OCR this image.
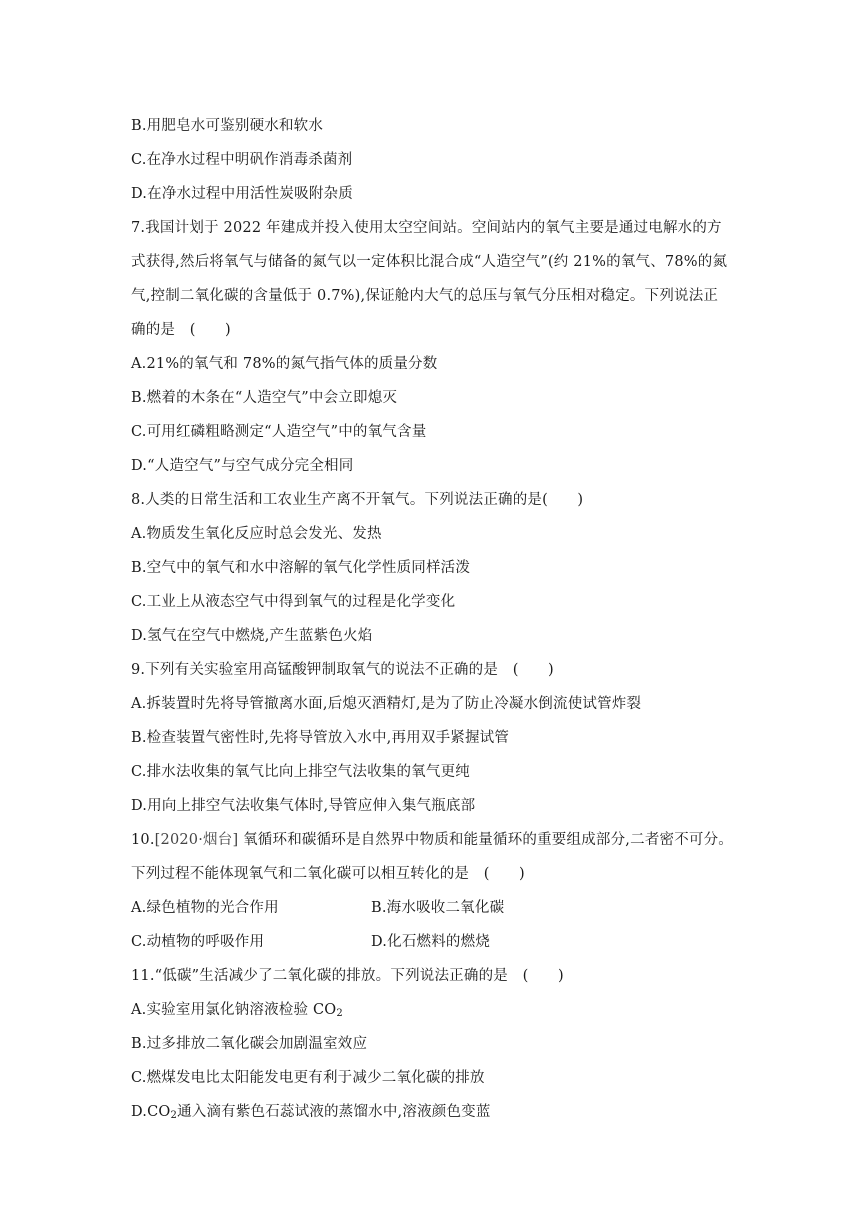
B.用肥皂水可鉴别硬水和软水
C.在净水过程中明矾作消毒杀菌剂
D.在净水过程中用活性炭吸附杂质
7.我国计划于 2022 年建成并投入使用太空空间站。空间站内的氧气主要是通过电解水的方
式获得,然后将氧气与储备的氮气以一定体积比混合成“人造空气”(约 21%的氧气、78%的氮
气,控制二氧化碳的含量低于 0.7%),保证舱内大气的总压与氧气分压相对稳定。下列说法正
确的是　(　　)
A.21%的氧气和 78%的氮气指气体的质量分数
B.燃着的木条在“人造空气”中会立即熄灭
C.可用红磷粗略测定“人造空气”中的氧气含量
D.“人造空气”与空气成分完全相同
8.人类的日常生活和工农业生产离不开氧气。下列说法正确的是(　　)
A.物质发生氧化反应时总会发光、发热
B.空气中的氧气和水中溶解的氧气化学性质同样活泼
C.工业上从液态空气中得到氧气的过程是化学变化
D.氢气在空气中燃烧,产生蓝紫色火焰
9.下列有关实验室用高锰酸钾制取氧气的说法不正确的是　(　　)
A.拆装置时先将导管撤离水面,后熄灭酒精灯,是为了防止冷凝水倒流使试管炸裂
B.检查装置气密性时,先将导管放入水中,再用双手紧握试管
C.排水法收集的氧气比向上排空气法收集的氧气更纯
D.用向上排空气法收集气体时,导管应伸入集气瓶底部
10.[2020·烟台] 氧循环和碳循环是自然界中物质和能量循环的重要组成部分,二者密不可分。
下列过程不能体现氧气和二氧化碳可以相互转化的是　(　　)
A.绿色植物的光合作用	B.海水吸收二氧化碳
C.动植物的呼吸作用	D.化石燃料的燃烧
11.“低碳”生活减少了二氧化碳的排放。下列说法正确的是　(　　)
A.实验室用氯化钠溶液检验 $CO_2$
B.过多排放二氧化碳会加剧温室效应
C.燃煤发电比太阳能发电更有利于减少二氧化碳的排放
$D.CO_2$通入滴有紫色石蕊试液的蒸馏水中,溶液颜色变蓝
